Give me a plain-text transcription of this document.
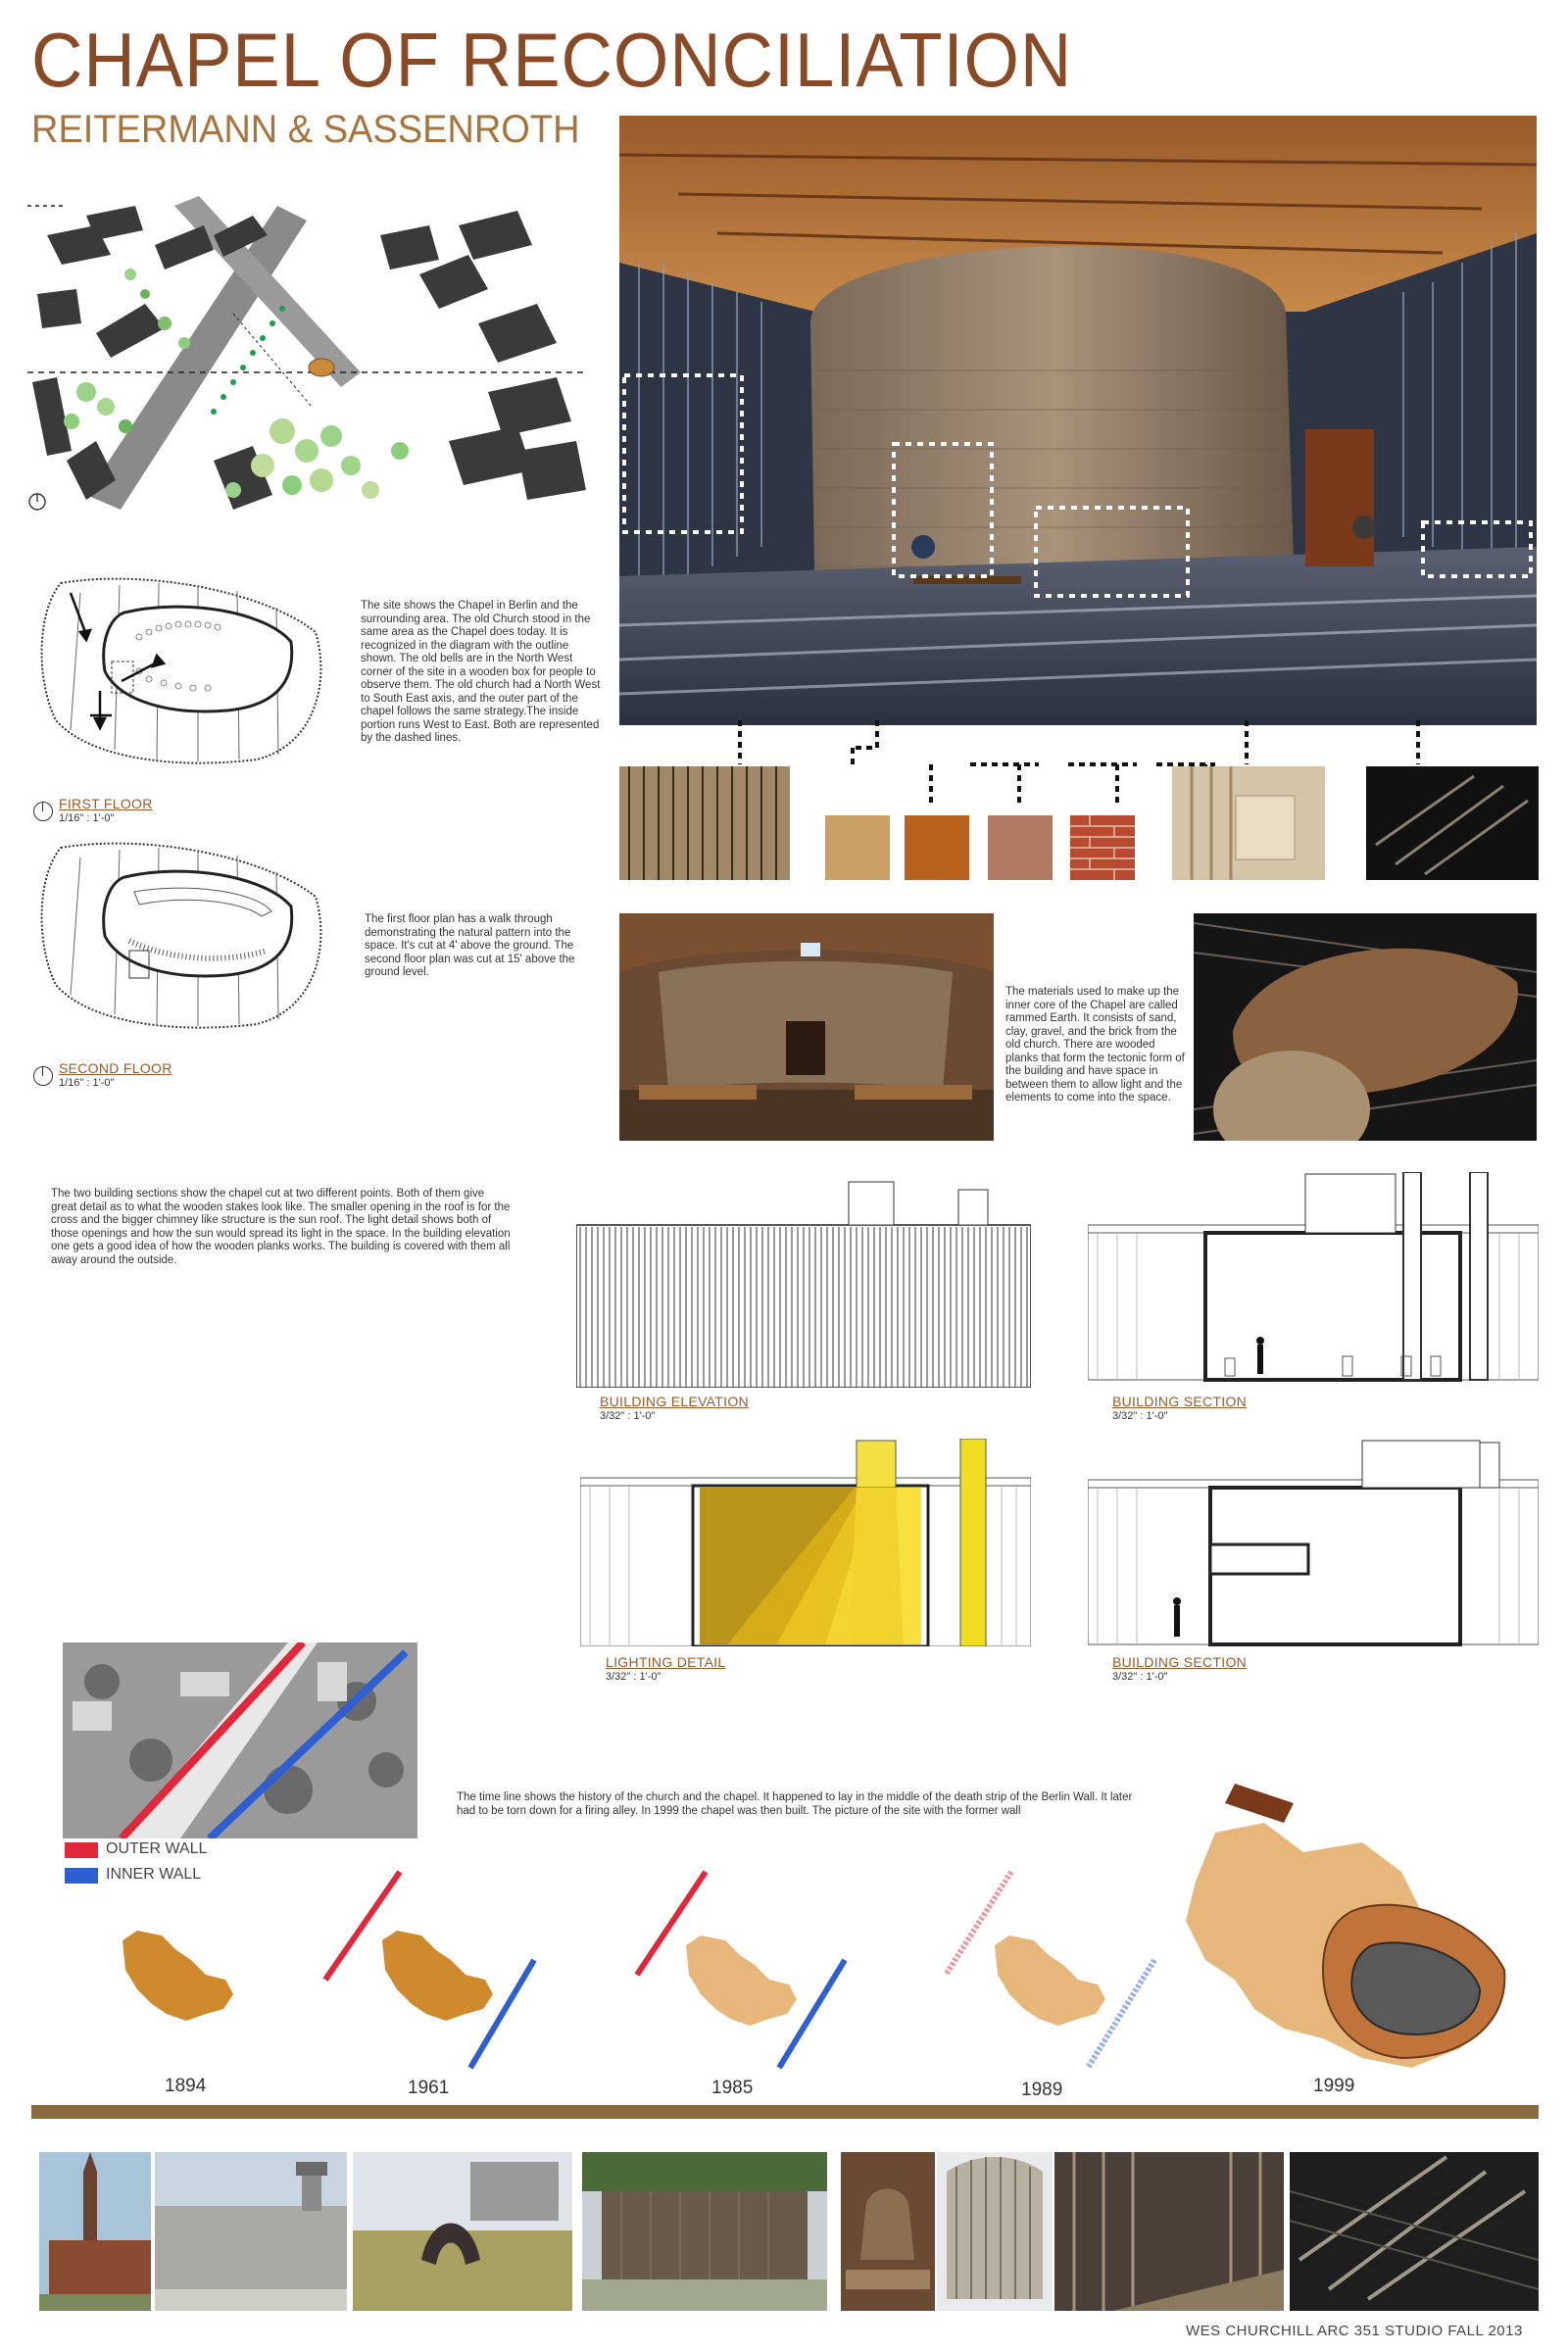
CHAPEL OF RECONCILIATION
REITERMANN & SASSENROTH
FIRST FLOOR
1/16" : 1'-0"
The site shows the Chapel in Berlin and the surrounding area. The old Church stood in the same area as the Chapel does today. It is recognized in the diagram with the outline shown. The old bells are in the North West corner of the site in a wooden box for people to observe them. The old church had a North West to South East axis, and the outer part of the chapel follows the same strategy.The inside portion runs West to East. Both are represented by the dashed lines.
SECOND FLOOR
1/16" : 1'-0"
The first floor plan has a walk through demonstrating the natural pattern into the space. It's cut at 4' above the ground. The second floor plan was cut at 15' above the ground level.
The materials used to make up the inner core of the Chapel are called rammed Earth. It consists of sand, clay, gravel, and the brick from the old church. There are wooded planks that form the tectonic form of the building and have space in between them to allow light and the elements to come into the space.
The two building sections show the chapel cut at two different points. Both of them give great detail as to what the wooden stakes look like. The smaller opening in the roof is for the cross and the bigger chimney like structure is the sun roof. The light detail shows both of those openings and how the sun would spread its light in the space. In the building elevation one gets a good idea of how the wooden planks works. The building is covered with them all away around the outside.
BUILDING ELEVATION
3/32" : 1'-0"
BUILDING SECTION
3/32" : 1'-0"
LIGHTING DETAIL
3/32" : 1'-0"
BUILDING SECTION
3/32" : 1'-0"
OUTER WALL
INNER WALL
The time line shows the history of the church and the chapel. It happened to lay in the middle of the death strip of the Berlin Wall. It later had to be torn down for a firing alley. In 1999 the chapel was then built. The picture of the site with the former wall
1894	1961	1985	1989	1999
WES CHURCHILL ARC 351 STUDIO FALL 2013
